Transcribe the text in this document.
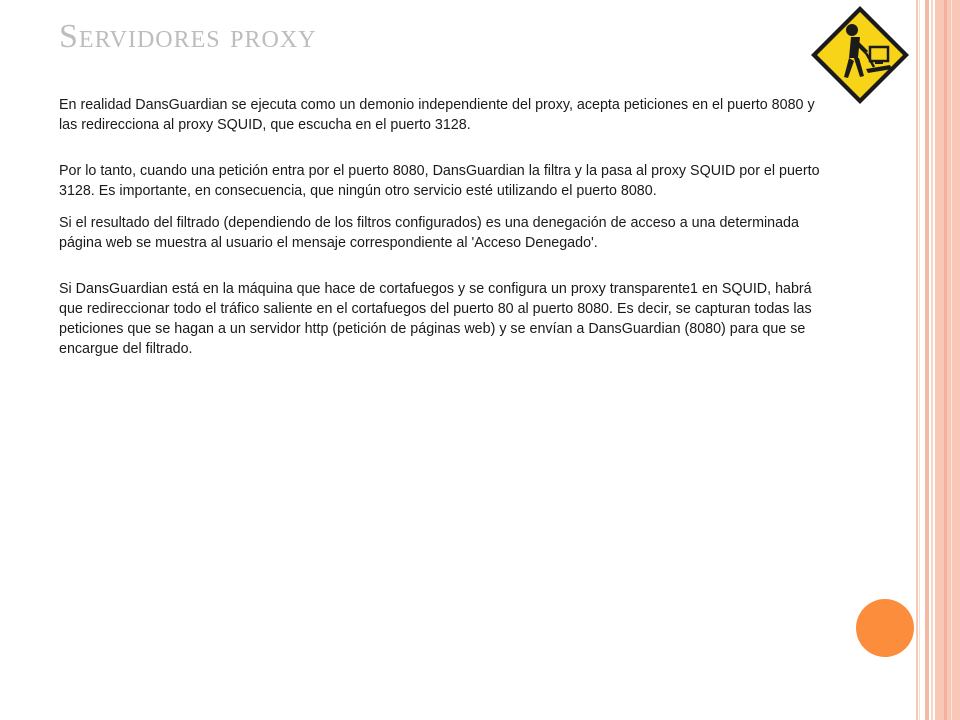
Servidores proxy

En realidad DansGuardian se ejecuta como un demonio independiente del proxy, acepta peticiones en el puerto 8080 y las redirecciona al proxy SQUID, que escucha en el puerto 3128.

Por lo tanto, cuando una petición entra por el puerto 8080, DansGuardian la filtra y la pasa al proxy SQUID por el puerto 3128. Es importante, en consecuencia, que ningún otro servicio esté utilizando el puerto 8080.

Si el resultado del filtrado (dependiendo de los filtros configurados) es una denegación de acceso a una determinada página web se muestra al usuario el mensaje correspondiente al 'Acceso Denegado'.

Si DansGuardian está en la máquina que hace de cortafuegos y se configura un proxy transparente1 en SQUID, habrá que redireccionar todo el tráfico saliente en el cortafuegos del puerto 80 al puerto 8080. Es decir, se capturan todas las peticiones que se hagan a un servidor http (petición de páginas web) y se envían a DansGuardian (8080) para que se encargue del filtrado.
